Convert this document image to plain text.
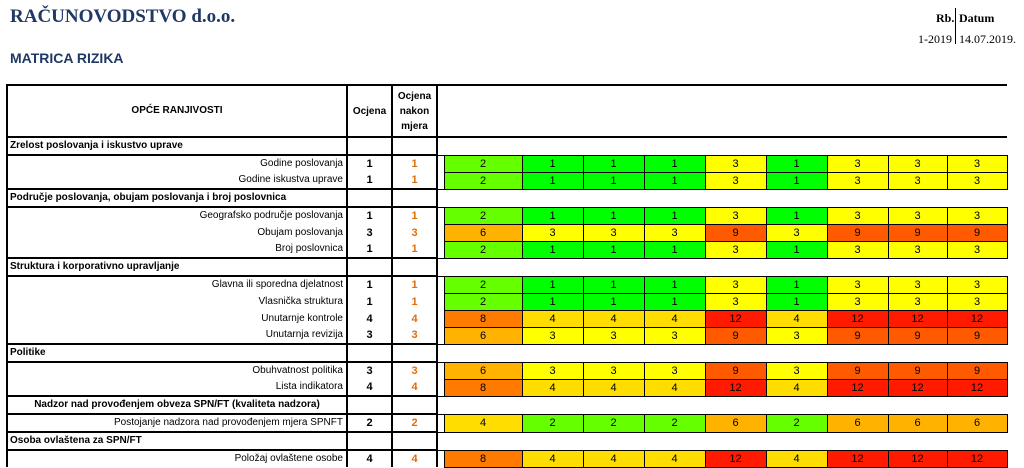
RAČUNOVODSTVO d.o.o.
MATRICA RIZIKA
Rb. Datum
1-2019 14.07.2019.
OPĆE RANJIVOSTI	Ocjena	Ocjena
nakon
mjera										

Zrelost poslovanja i iskustvo uprave												
Godine poslovanja	1	1		2	1	1	1	3	1	3	3	3
Godine iskustva uprave	1	1		2	1	1	1	3	1	3	3	3
Područje poslovanja, obujam poslovanja i broj poslovnica												
Geografsko područje poslovanja	1	1		2	1	1	1	3	1	3	3	3
Obujam poslovanja	3	3		6	3	3	3	9	3	9	9	9
Broj poslovnica	1	1		2	1	1	1	3	1	3	3	3
Struktura i korporativno upravljanje												
Glavna ili sporedna djelatnost	1	1		2	1	1	1	3	1	3	3	3
Vlasnička struktura	1	1		2	1	1	1	3	1	3	3	3
Unutarnje kontrole	4	4		8	4	4	4	12	4	12	12	12
Unutarnja revizija	3	3		6	3	3	3	9	3	9	9	9
Politike												
Obuhvatnost politika	3	3		6	3	3	3	9	3	9	9	9
Lista indikatora	4	4		8	4	4	4	12	4	12	12	12
Nadzor nad provođenjem obveza SPN/FT (kvaliteta nadzora)												
Postojanje nadzora nad provođenjem mjera SPNFT	2	2		4	2	2	2	6	2	6	6	6
Osoba ovlaštena za SPN/FT												
Položaj ovlaštene osobe	4	4		8	4	4	4	12	4	12	12	12
